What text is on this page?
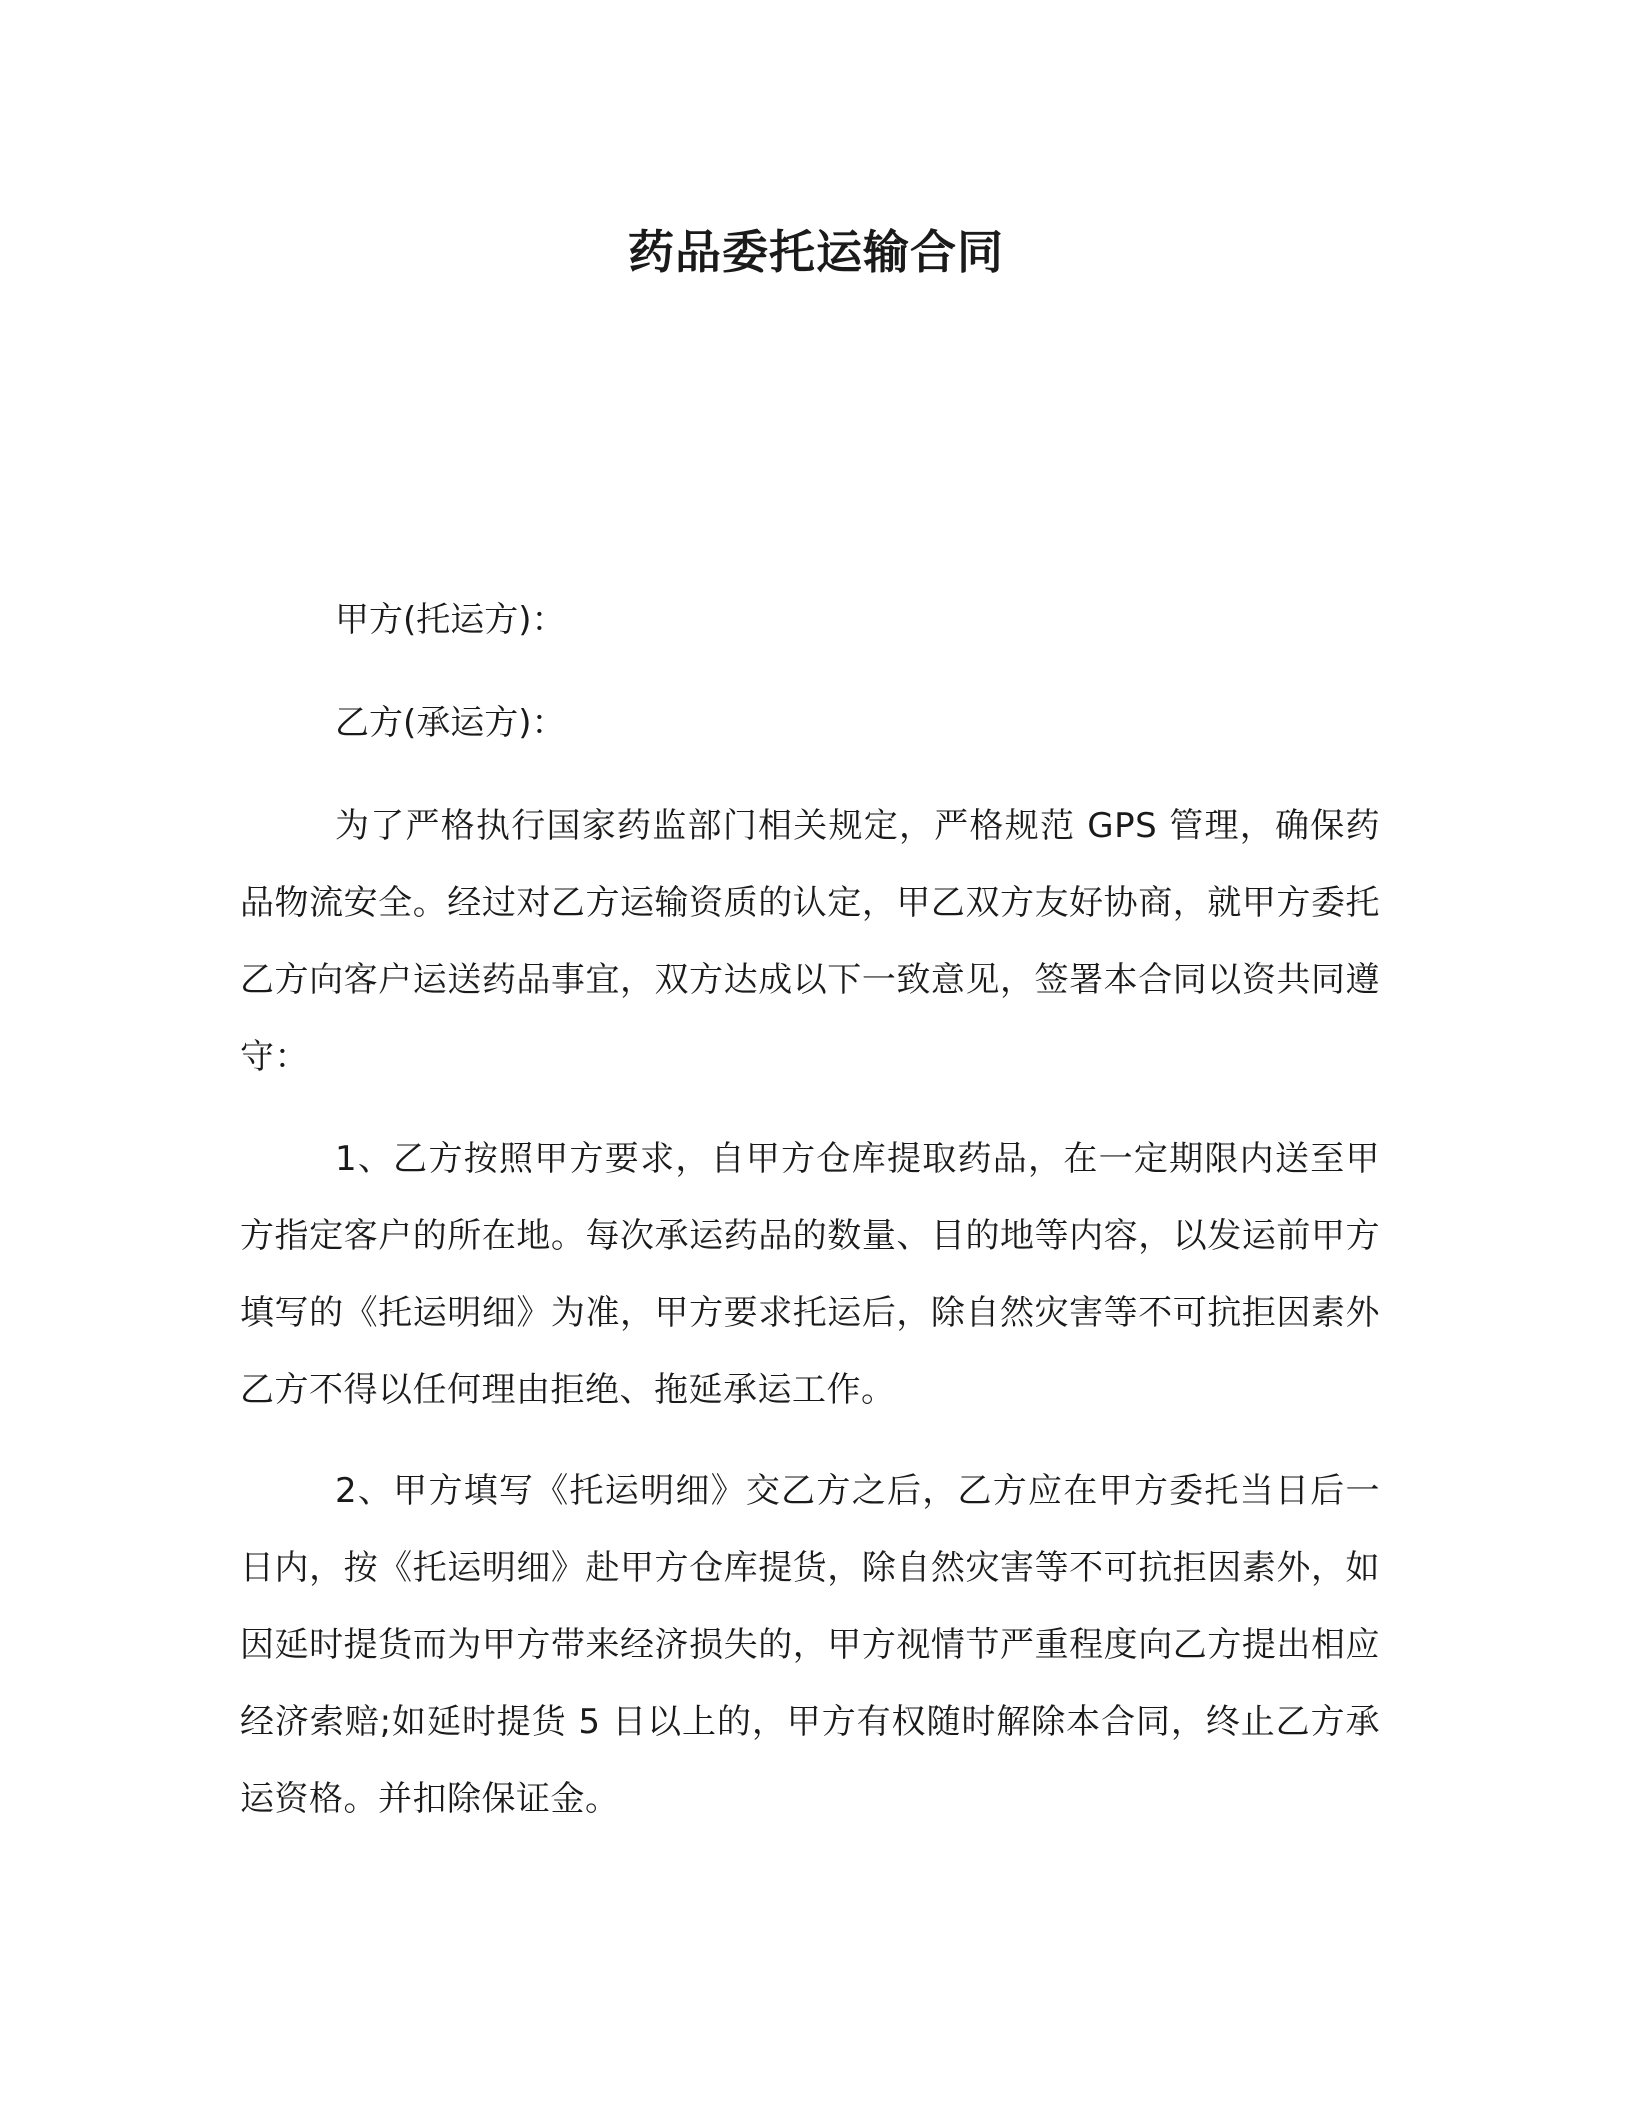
药品委托运输合同

甲方(托运方)：

乙方(承运方)：

为了严格执行国家药监部门相关规定，严格规范 GPS 管理，确保药品物流安全。经过对乙方运输资质的认定，甲乙双方友好协商，就甲方委托乙方向客户运送药品事宜，双方达成以下一致意见，签署本合同以资共同遵守：

1、乙方按照甲方要求，自甲方仓库提取药品，在一定期限内送至甲方指定客户的所在地。每次承运药品的数量、目的地等内容，以发运前甲方填写的《托运明细》为准，甲方要求托运后，除自然灾害等不可抗拒因素外乙方不得以任何理由拒绝、拖延承运工作。

2、甲方填写《托运明细》交乙方之后，乙方应在甲方委托当日后一日内，按《托运明细》赴甲方仓库提货，除自然灾害等不可抗拒因素外，如因延时提货而为甲方带来经济损失的，甲方视情节严重程度向乙方提出相应经济索赔;如延时提货 5 日以上的，甲方有权随时解除本合同，终止乙方承运资格。并扣除保证金。
